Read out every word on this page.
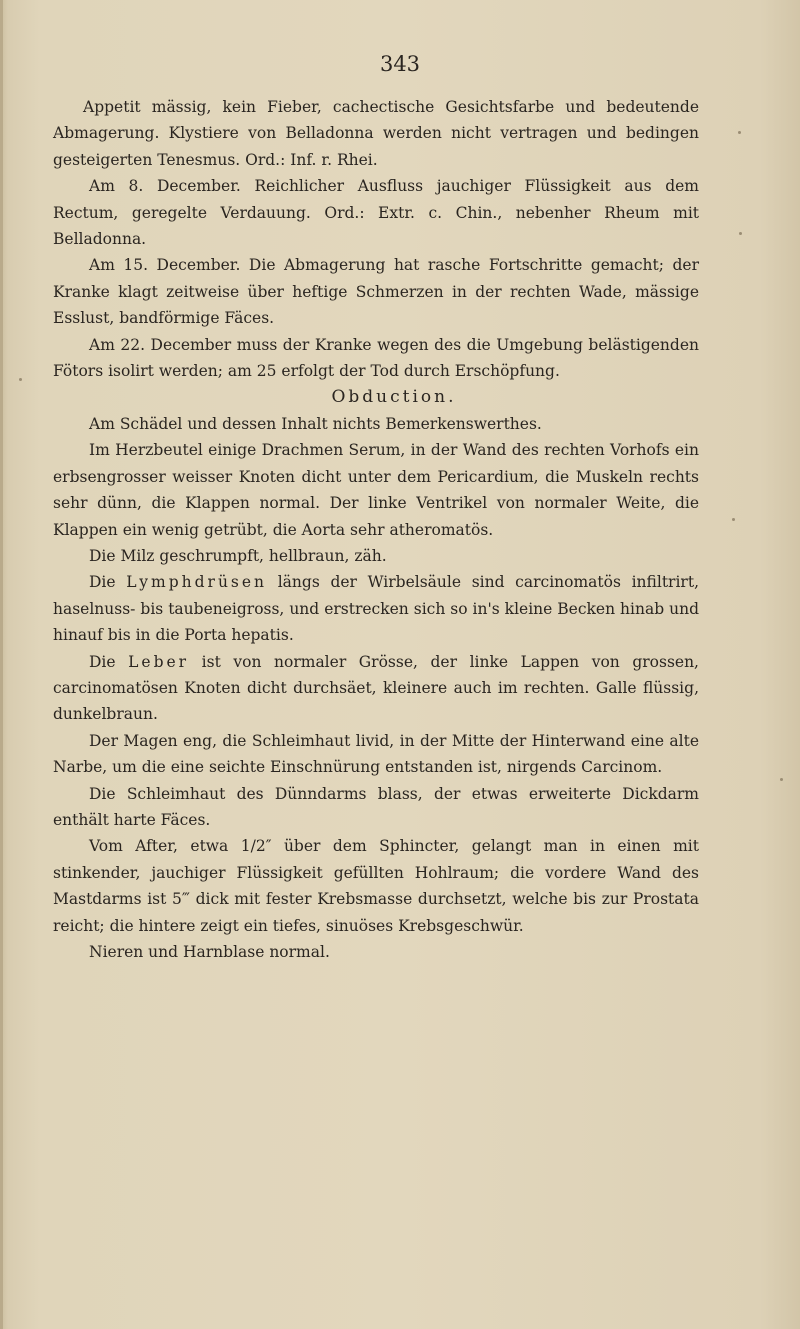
343

Appetit mässig, kein Fieber, cachectische Gesichtsfarbe und bedeutende Abmagerung. Klystiere von Belladonna werden nicht vertragen und bedingen gesteigerten Tenesmus. Ord.: Inf. r. Rhei.

Am 8. December. Reichlicher Ausfluss jauchiger Flüssigkeit aus dem Rectum, geregelte Verdauung. Ord.: Extr. c. Chin., nebenher Rheum mit Belladonna.

Am 15. December. Die Abmagerung hat rasche Fortschritte gemacht; der Kranke klagt zeitweise über heftige Schmerzen in der rechten Wade, mässige Esslust, bandförmige Fäces.

Am 22. December muss der Kranke wegen des die Umgebung belästigenden Fötors isolirt werden; am 25 erfolgt der Tod durch Erschöpfung.

Obduction.

Am Schädel und dessen Inhalt nichts Bemerkenswerthes.

Im Herzbeutel einige Drachmen Serum, in der Wand des rechten Vorhofs ein erbsengrosser weisser Knoten dicht unter dem Pericardium, die Muskeln rechts sehr dünn, die Klappen normal. Der linke Ventrikel von normaler Weite, die Klappen ein wenig getrübt, die Aorta sehr atheromatös.

Die Milz geschrumpft, hellbraun, zäh.

Die Lymphdrüsen längs der Wirbelsäule sind carcinomatös infiltrirt, haselnuss- bis taubeneigross, und erstrecken sich so in's kleine Becken hinab und hinauf bis in die Porta hepatis.

Die Leber ist von normaler Grösse, der linke Lappen von grossen, carcinomatösen Knoten dicht durchsäet, kleinere auch im rechten. Galle flüssig, dunkelbraun.

Der Magen eng, die Schleimhaut livid, in der Mitte der Hinterwand eine alte Narbe, um die eine seichte Einschnürung entstanden ist, nirgends Carcinom.

Die Schleimhaut des Dünndarms blass, der etwas erweiterte Dickdarm enthält harte Fäces.

Vom After, etwa 1/2″ über dem Sphincter, gelangt man in einen mit stinkender, jauchiger Flüssigkeit gefüllten Hohlraum; die vordere Wand des Mastdarms ist 5‴ dick mit fester Krebsmasse durchsetzt, welche bis zur Prostata reicht; die hintere zeigt ein tiefes, sinuöses Krebsgeschwür.

Nieren und Harnblase normal.
